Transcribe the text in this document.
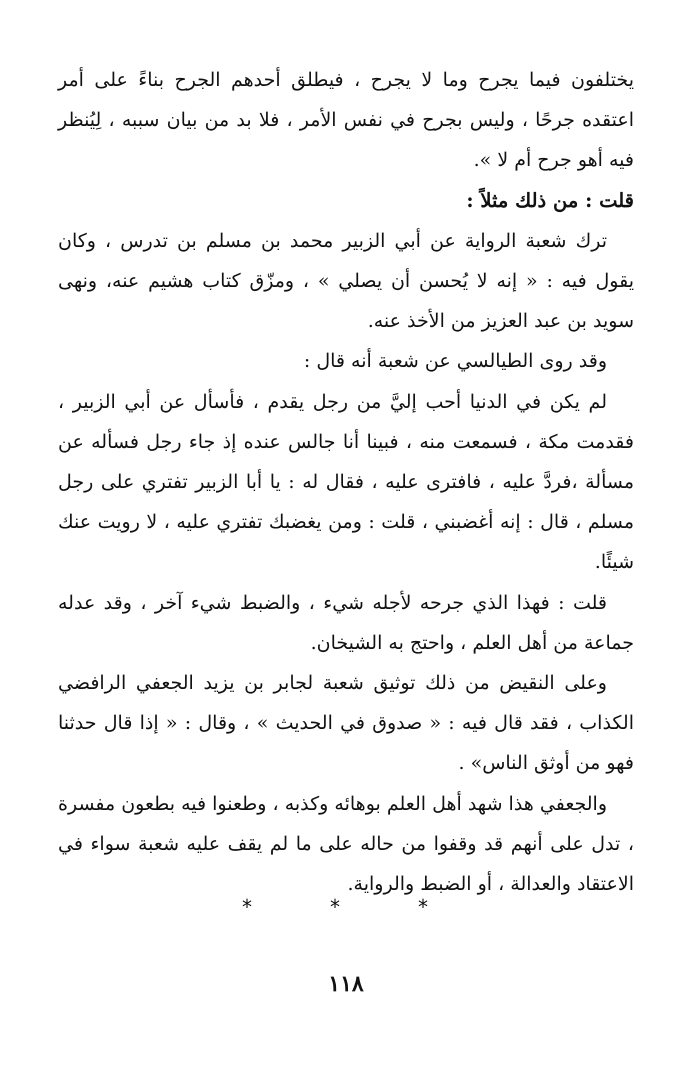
يختلفون فيما يجرح وما لا يجرح ، فيطلق أحدهم الجرح بناءً على أمر اعتقده جرحًا ، وليس بجرح في نفس الأمر ، فلا بد من بيان سببه ، لِيُنظر فيه أهو جرح أم لا ».

قلت : من ذلك مثلاً :

ترك شعبة الرواية عن أبي الزبير محمد بن مسلم بن تدرس ، وكان يقول فيه : « إنه لا يُحسن أن يصلي » ، ومزّق كتاب هشيم عنه، ونهى سويد بن عبد العزيز من الأخذ عنه.

وقد روى الطيالسي عن شعبة أنه قال :

لم يكن في الدنيا أحب إليَّ من رجل يقدم ، فأسأل عن أبي الزبير ، فقدمت مكة ، فسمعت منه ، فبينا أنا جالس عنده إذ جاء رجل فسأله عن مسألة ،فردَّ عليه ، فافترى عليه ، فقال له : يا أبا الزبير تفتري على رجل مسلم ، قال : إنه أغضبني ، قلت : ومن يغضبك تفتري عليه ، لا رويت عنك شيئًا.

قلت : فهذا الذي جرحه لأجله شيء ، والضبط شيء آخر ، وقد عدله جماعة من أهل العلم ، واحتج به الشيخان.

وعلى النقيض من ذلك توثيق شعبة لجابر بن يزيد الجعفي الرافضي الكذاب ، فقد قال فيه : « صدوق في الحديث » ، وقال : « إذا قال حدثنا فهو من أوثق الناس» .

والجعفي هذا شهد أهل العلم بوهائه وكذبه ، وطعنوا فيه بطعون مفسرة ، تدل على أنهم قد وقفوا من حاله على ما لم يقف عليه شعبة سواء في الاعتقاد والعدالة ، أو الضبط والرواية.

*	*	*
١١٨
